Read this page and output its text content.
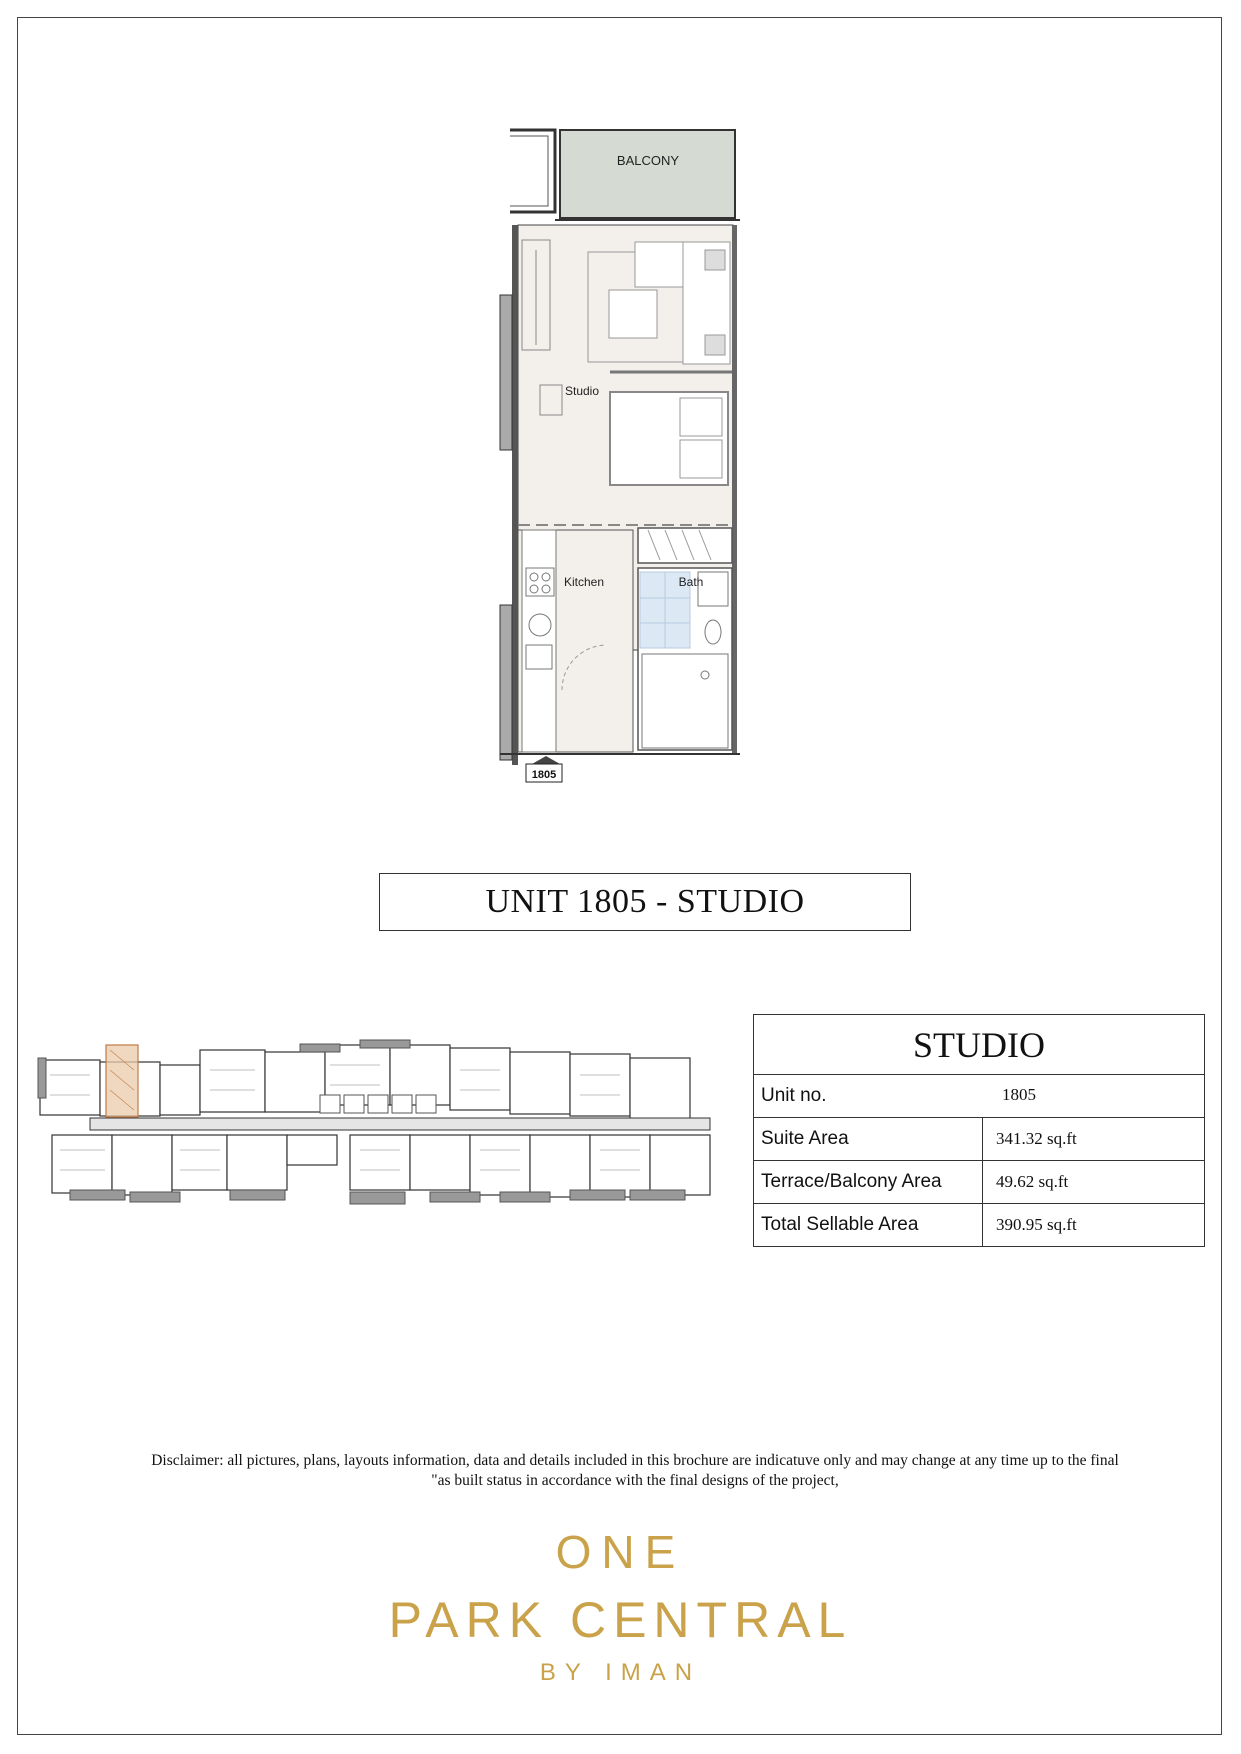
BALCONY
Studio
Kitchen	Bath
1805
UNIT 1805 - STUDIO
STUDIO	
Unit no. 1805	

Suite Area	341.32 sq.ft
Terrace/Balcony Area	49.62 sq.ft
Total Sellable Area	390.95 sq.ft
Disclaimer: all pictures, plans, layouts information, data and details included in this brochure are indicatuve only and may change at any time up to the final
"as built status in accordance with the final designs of the project,
ONE
PARK CENTRAL
BY IMAN
